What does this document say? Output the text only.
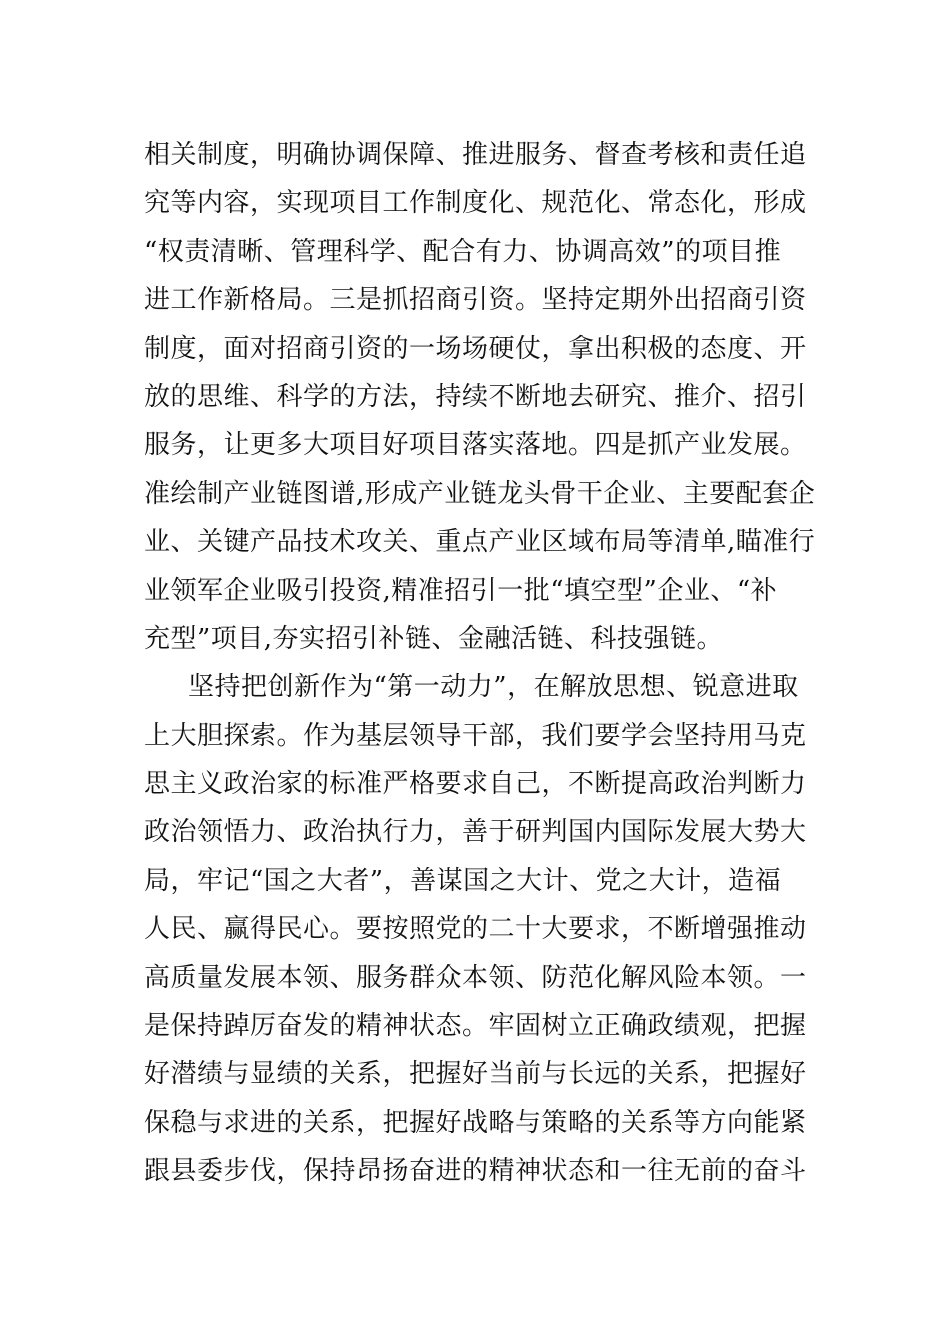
相关制度，明确协调保障、推进服务、督查考核和责任追
究等内容，实现项目工作制度化、规范化、常态化，形成
“权责清晰、管理科学、配合有力、协调高效”的项目推
进工作新格局。三是抓招商引资。坚持定期外出招商引资
制度，面对招商引资的一场场硬仗，拿出积极的态度、开
放的思维、科学的方法，持续不断地去研究、推介、招引
服务，让更多大项目好项目落实落地。四是抓产业发展。
准绘制产业链图谱,形成产业链龙头骨干企业、主要配套企
业、关键产品技术攻关、重点产业区域布局等清单,瞄准行
业领军企业吸引投资,精准招引一批“填空型”企业、“补
充型”项目,夯实招引补链、金融活链、科技强链。
坚持把创新作为“第一动力”，在解放思想、锐意进取
上大胆探索。作为基层领导干部，我们要学会坚持用马克
思主义政治家的标准严格要求自己，不断提高政治判断力
政治领悟力、政治执行力，善于研判国内国际发展大势大
局，牢记“国之大者”，善谋国之大计、党之大计，造福
人民、赢得民心。要按照党的二十大要求，不断增强推动
高质量发展本领、服务群众本领、防范化解风险本领。一
是保持踔厉奋发的精神状态。牢固树立正确政绩观，把握
好潜绩与显绩的关系，把握好当前与长远的关系，把握好
保稳与求进的关系，把握好战略与策略的关系等方向能紧
跟县委步伐，保持昂扬奋进的精神状态和一往无前的奋斗
